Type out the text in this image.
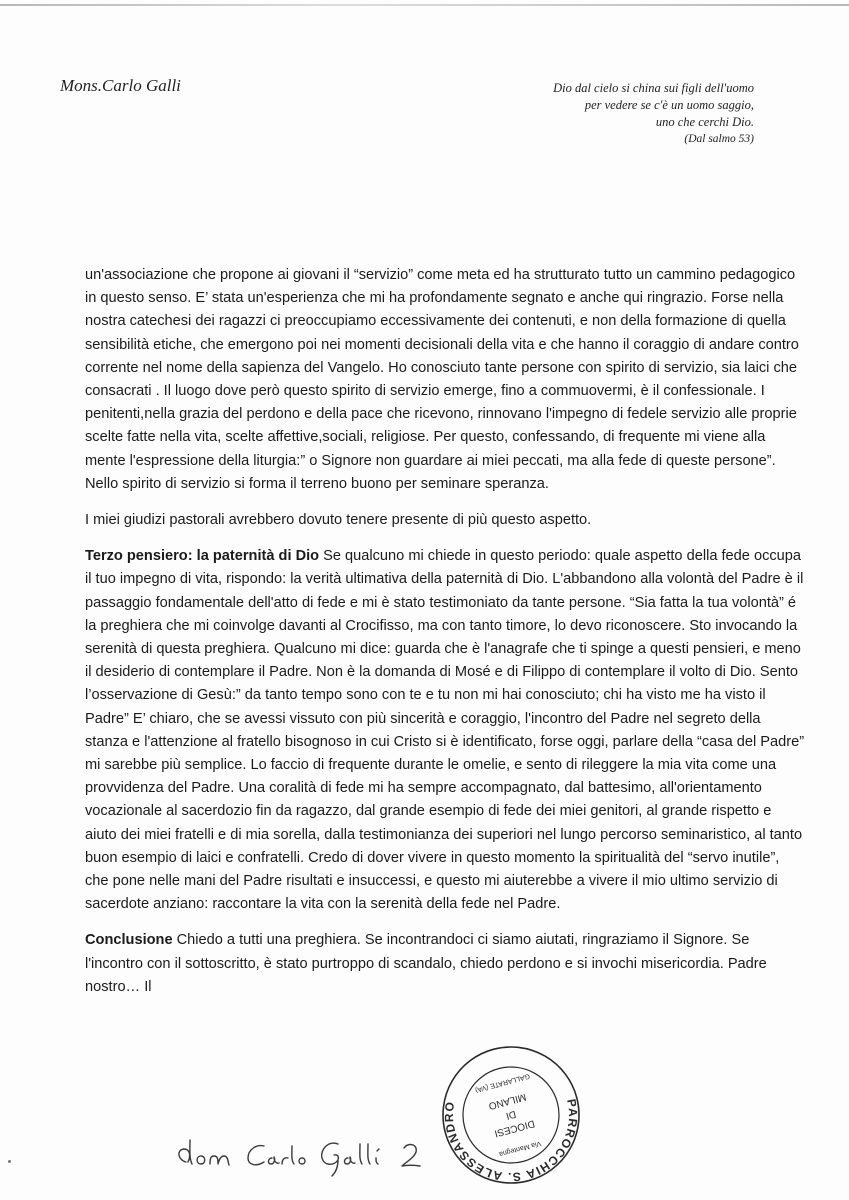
Mons.Carlo Galli	Dio dal cielo si china sui figli dell'uomo
per vedere se c'è un uomo saggio,
uno che cerchi Dio.
(Dal salmo 53)

un'associazione che propone ai giovani il “servizio” come meta ed ha strutturato tutto un cammino pedagogico in questo senso. E’ stata un'esperienza che mi ha profondamente segnato e anche qui ringrazio. Forse nella nostra catechesi dei ragazzi ci preoccupiamo eccessivamente dei contenuti, e non della formazione di quella sensibilità etiche, che emergono poi nei momenti decisionali della vita e che hanno il coraggio di andare contro corrente nel nome della sapienza del Vangelo. Ho conosciuto tante persone con spirito di servizio, sia laici che consacrati . Il luogo dove però questo spirito di servizio emerge, fino a commuovermi, è il confessionale. I penitenti,nella grazia del perdono e della pace che ricevono, rinnovano l'impegno di fedele servizio alle proprie scelte fatte nella vita, scelte affettive,sociali, religiose. Per questo, confessando, di frequente mi viene alla mente l'espressione della liturgia:” o Signore non guardare ai miei peccati, ma alla fede di queste persone”. Nello spirito di servizio si forma il terreno buono per seminare speranza.

I miei giudizi pastorali avrebbero dovuto tenere presente di più questo aspetto.

Terzo pensiero: la paternità di Dio Se qualcuno mi chiede in questo periodo: quale aspetto della fede occupa il tuo impegno di vita, rispondo: la verità ultimativa della paternità di Dio. L'abbandono alla volontà del Padre è il passaggio fondamentale dell'atto di fede e mi è stato testimoniato da tante persone. “Sia fatta la tua volontà” é la preghiera che mi coinvolge davanti al Crocifisso, ma con tanto timore, lo devo riconoscere. Sto invocando la serenità di questa preghiera. Qualcuno mi dice: guarda che è l'anagrafe che ti spinge a questi pensieri, e meno il desiderio di contemplare il Padre. Non è la domanda di Mosé e di Filippo di contemplare il volto di Dio. Sento l’osservazione di Gesù:” da tanto tempo sono con te e tu non mi hai conosciuto; chi ha visto me ha visto il Padre” E’ chiaro, che se avessi vissuto con più sincerità e coraggio, l'incontro del Padre nel segreto della stanza e l'attenzione al fratello bisognoso in cui Cristo si è identificato, forse oggi, parlare della “casa del Padre” mi sarebbe più semplice. Lo faccio di frequente durante le omelie, e sento di rileggere la mia vita come una provvidenza del Padre. Una coralità di fede mi ha sempre accompagnato, dal battesimo, all'orientamento vocazionale al sacerdozio fin da ragazzo, dal grande esempio di fede dei miei genitori, al grande rispetto e aiuto dei miei fratelli e di mia sorella, dalla testimonianza dei superiori nel lungo percorso seminaristico, al tanto buon esempio di laici e confratelli. Credo di dover vivere in questo momento la spiritualità del “servo inutile”, che pone nelle mani del Padre risultati e insuccessi, e questo mi aiuterebbe a vivere il mio ultimo servizio di sacerdote anziano: raccontare la vita con la serenità della fede nel Padre.

Conclusione Chiedo a tutti una preghiera. Se incontrandoci ci siamo aiutati, ringraziamo il Signore. Se l'incontro con il sottoscritto, è stato purtroppo di scandalo, chiedo perdono e si invochi misericordia. Padre nostro… Il

PARROCCHIA S. ALESSANDRO
DIOCESI
DI
MILANO
GALLARATE (VA)
Via Mantegna
